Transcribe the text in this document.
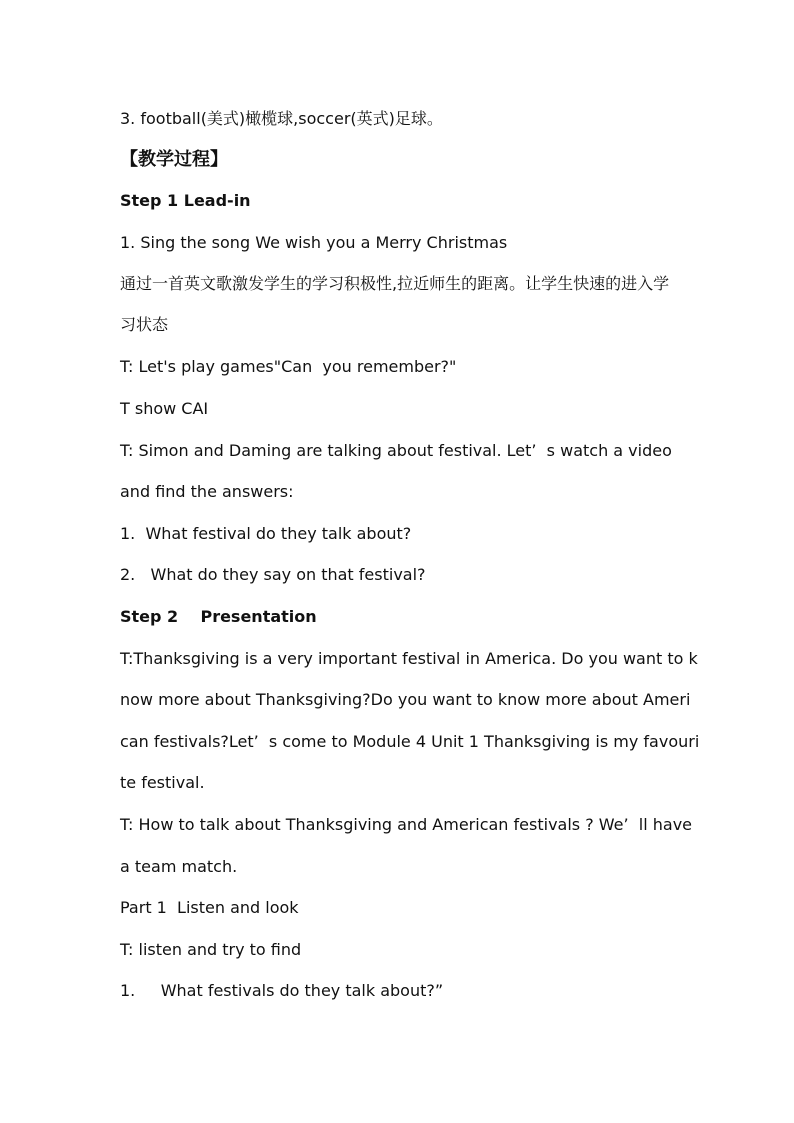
3. football(美式)橄榄球,soccer(英式)足球。
【教学过程】
Step 1 Lead-in
1. Sing the song We wish you a Merry Christmas
通过一首英文歌激发学生的学习积极性,拉近师生的距离。让学生快速的进入学
习状态
T: Let's play games"Can  you remember?"
T show CAI
T: Simon and Daming are talking about festival. Let’  s watch a video
and find the answers:
1.  What festival do they talk about?
2.   What do they say on that festival?
Step 2    Presentation
T:Thanksgiving is a very important festival in America. Do you want to k
now more about Thanksgiving?Do you want to know more about Ameri
can festivals?Let’  s come to Module 4 Unit 1 Thanksgiving is my favouri
te festival.
T: How to talk about Thanksgiving and American festivals ? We’  ll have
a team match.
Part 1  Listen and look
T: listen and try to find
1.     What festivals do they talk about?”
